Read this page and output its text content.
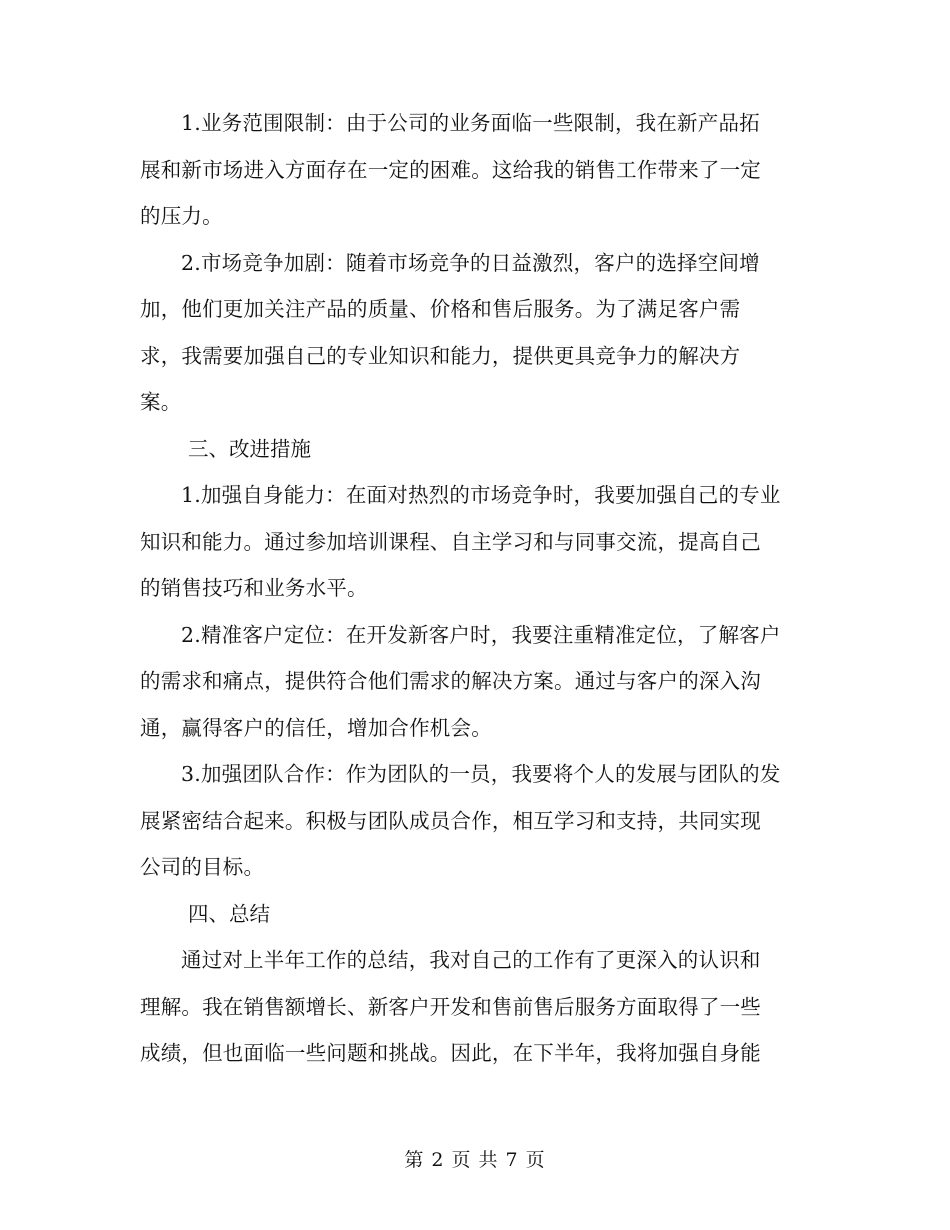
1.业务范围限制：由于公司的业务面临一些限制，我在新产品拓
展和新市场进入方面存在一定的困难。这给我的销售工作带来了一定
的压力。

2.市场竞争加剧：随着市场竞争的日益激烈，客户的选择空间增
加，他们更加关注产品的质量、价格和售后服务。为了满足客户需
求，我需要加强自己的专业知识和能力，提供更具竞争力的解决方
案。

三、改进措施

1.加强自身能力：在面对热烈的市场竞争时，我要加强自己的专业
知识和能力。通过参加培训课程、自主学习和与同事交流，提高自己
的销售技巧和业务水平。

2.精准客户定位：在开发新客户时，我要注重精准定位，了解客户
的需求和痛点，提供符合他们需求的解决方案。通过与客户的深入沟
通，赢得客户的信任，增加合作机会。

3.加强团队合作：作为团队的一员，我要将个人的发展与团队的发
展紧密结合起来。积极与团队成员合作，相互学习和支持，共同实现
公司的目标。

四、总结

通过对上半年工作的总结，我对自己的工作有了更深入的认识和
理解。我在销售额增长、新客户开发和售前售后服务方面取得了一些
成绩，但也面临一些问题和挑战。因此，在下半年，我将加强自身能

第 2 页 共 7 页
